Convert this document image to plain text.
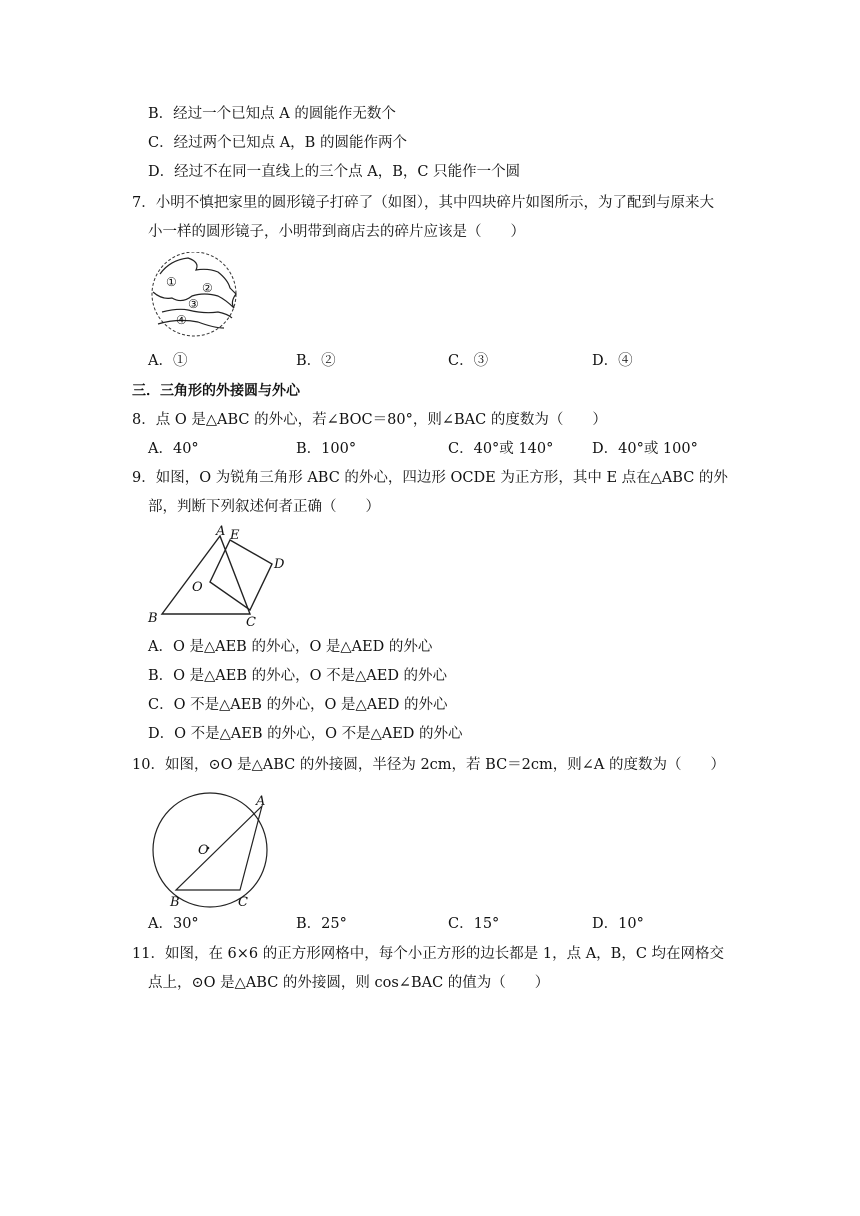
B．经过一个已知点 A 的圆能作无数个
C．经过两个已知点 A，B 的圆能作两个
D．经过不在同一直线上的三个点 A，B，C 只能作一个圆
7．小明不慎把家里的圆形镜子打碎了（如图），其中四块碎片如图所示，为了配到与原来大
小一样的圆形镜子，小明带到商店去的碎片应该是（　　）
① ②
③
④
A．①	B．②	C．③	D．④
三．三角形的外接圆与外心
8．点 O 是△ABC 的外心，若∠BOC＝80°，则∠BAC 的度数为（　　）
A．40°	B．100°	C．40°或 140°	D．40°或 100°
9．如图，O 为锐角三角形 ABC 的外心，四边形 OCDE 为正方形，其中 E 点在△ABC 的外
部，判断下列叙述何者正确（　　）
A E
D
O
B	C
A．O 是△AEB 的外心，O 是△AED 的外心
B．O 是△AEB 的外心，O 不是△AED 的外心
C．O 不是△AEB 的外心，O 是△AED 的外心
D．O 不是△AEB 的外心，O 不是△AED 的外心
10．如图，⊙O 是△ABC 的外接圆，半径为 2cm，若 BC＝2cm，则∠A 的度数为（　　）
A
O
B	C
A．30°	B．25°	C．15°	D．10°
11．如图，在 6×6 的正方形网格中，每个小正方形的边长都是 1，点 A，B，C 均在网格交
点上，⊙O 是△ABC 的外接圆，则 cos∠BAC 的值为（　　）
